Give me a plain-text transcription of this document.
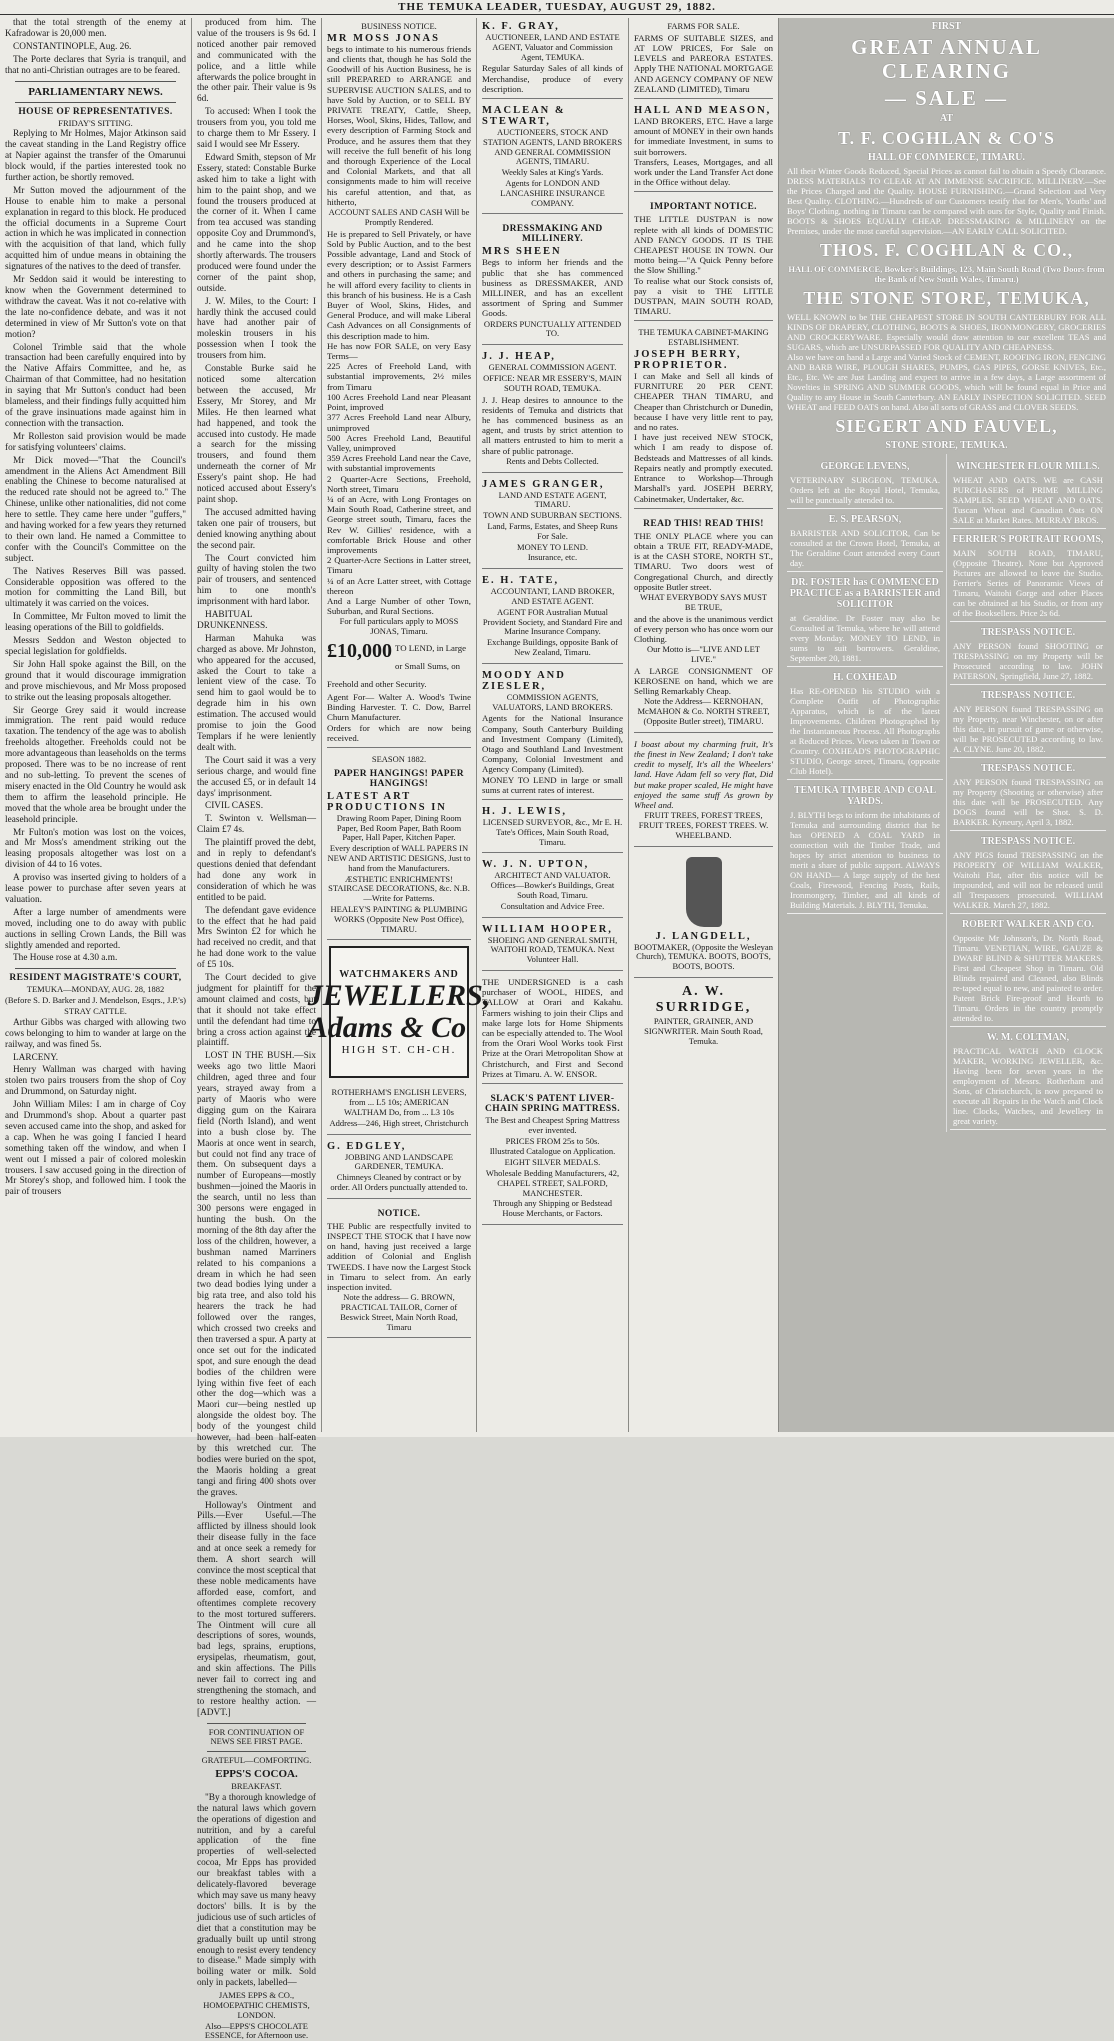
THE TEMUKA LEADER, TUESDAY, AUGUST 29, 1882.
that the total strength of the enemy at Kafradowar is 20,000 men.
CONSTANTINOPLE, Aug. 26.
The Porte declares that Syria is tranquil, and that no anti-Christian outrages are to be feared.
PARLIAMENTARY NEWS.
HOUSE OF REPRESENTATIVES.
FRIDAY'S SITTING.
Replying to Mr Holmes, Major Atkinson said the caveat standing in the Land Registry office at Napier against the transfer of the Omarunui block would, if the parties interested took no further action, be shortly removed.
Mr Sutton moved the adjournment of the House to enable him to make a personal explanation in regard to this block. He produced the official documents in a Supreme Court action in which he was implicated in connection with the acquisition of that land, which fully acquitted him of undue means in obtaining the signatures of the natives to the deed of transfer.
Mr Seddon said it would be interesting to know when the Government determined to withdraw the caveat. Was it not co-relative with the late no-confidence debate, and was it not determined in view of Mr Sutton's vote on that motion?
Colonel Trimble said that the whole transaction had been carefully enquired into by the Native Affairs Committee, and he, as Chairman of that Committee, had no hesitation in saying that Mr Sutton's conduct had been blameless, and their findings fully acquitted him of the grave insinuations made against him in connection with the transaction.
Mr Rolleston said provision would be made for satisfying volunteers' claims.
Mr Dick moved—"That the Council's amendment in the Aliens Act Amendment Bill enabling the Chinese to become naturalised at the reduced rate should not be agreed to." The Chinese, unlike other nationalities, did not come here to settle. They came here under "guffers," and having worked for a few years they returned to their own land. He named a Committee to confer with the Council's Committee on the subject.
The Natives Reserves Bill was passed. Considerable opposition was offered to the motion for committing the Land Bill, but ultimately it was carried on the voices.
In Committee, Mr Fulton moved to limit the leasing operations of the Bill to goldfields.
Messrs Seddon and Weston objected to special legislation for goldfields.
Sir John Hall spoke against the Bill, on the ground that it would discourage immigration and prove mischievous, and Mr Moss proposed to strike out the leasing proposals altogether.
Sir George Grey said it would increase immigration. The rent paid would reduce taxation. The tendency of the age was to abolish freeholds altogether. Freeholds could not be more advantageous than leaseholds on the terms proposed. There was to be no increase of rent and no sub-letting. To prevent the scenes of misery enacted in the Old Country he would ask them to affirm the leasehold principle. He moved that the whole area be brought under the leasehold principle.
Mr Fulton's motion was lost on the voices, and Mr Moss's amendment striking out the leasing proposals altogether was lost on a division of 44 to 16 votes.
A proviso was inserted giving to holders of a lease power to purchase after seven years at valuation.
After a large number of amendments were moved, including one to do away with public auctions in selling Crown Lands, the Bill was slightly amended and reported.
The House rose at 4.30 a.m.
RESIDENT MAGISTRATE'S COURT,
TEMUKA—MONDAY, AUG. 28, 1882
(Before S. D. Barker and J. Mendelson, Esqrs., J.P.'s)
STRAY CATTLE.
Arthur Gibbs was charged with allowing two cows belonging to him to wander at large on the railway, and was fined 5s.
LARCENY.
Henry Wallman was charged with having stolen two pairs trousers from the shop of Coy and Drummond, on Saturday night.
John William Miles: I am in charge of Coy and Drummond's shop. About a quarter past seven accused came into the shop, and asked for a cap. When he was going I fancied I heard something taken off the window, and when I went out I missed a pair of colored moleskin trousers. I saw accused going in the direction of Mr Storey's shop, and followed him. I took the pair of trousers
produced from him. The value of the trousers is 9s 6d. I noticed another pair removed and communicated with the police, and a little while afterwards the police brought in the other pair. Their value is 9s 6d.
To accused: When I took the trousers from you, you told me to charge them to Mr Essery. I said I would see Mr Essery.
Edward Smith, stepson of Mr Essery, stated: Constable Burke asked him to take a light with him to the paint shop, and we found the trousers produced at the corner of it. When I came from tea accused was standing opposite Coy and Drummond's, and he came into the shop shortly afterwards. The trousers produced were found under the corner of the paint shop, outside.
J. W. Miles, to the Court: I hardly think the accused could have had another pair of moleskin trousers in his possession when I took the trousers from him.
Constable Burke said he noticed some altercation between the accused, Mr Essery, Mr Storey, and Mr Miles. He then learned what had happened, and took the accused into custody. He made a search for the missing trousers, and found them underneath the corner of Mr Essery's paint shop. He had noticed accused about Essery's paint shop.
The accused admitted having taken one pair of trousers, but denied knowing anything about the second pair.
The Court convicted him guilty of having stolen the two pair of trousers, and sentenced him to one month's imprisonment with hard labor.
HABITUAL DRUNKENNESS.
Harman Mahuka was charged as above. Mr Johnston, who appeared for the accused, asked the Court to take a lenient view of the case. To send him to gaol would be to degrade him in his own estimation. The accused would promise to join the Good Templars if he were leniently dealt with.
The Court said it was a very serious charge, and would fine the accused £5, or in default 14 days' imprisonment.
CIVIL CASES.
T. Swinton v. Wellsman—Claim £7 4s.
The plaintiff proved the debt, and in reply to defendant's questions denied that defendant had done any work in consideration of which he was entitled to be paid.
The defendant gave evidence to the effect that he had paid Mrs Swinton £2 for which he had received no credit, and that he had done work to the value of £5 10s.
The Court decided to give judgment for plaintiff for the amount claimed and costs, but that it should not take effect until the defendant had time to bring a cross action against the plaintiff.
LOST IN THE BUSH.—Six weeks ago two little Maori children, aged three and four years, strayed away from a party of Maoris who were digging gum on the Kairara field (North Island), and went into a bush close by. The Maoris at once went in search, but could not find any trace of them. On subsequent days a number of Europeans—mostly bushmen—joined the Maoris in the search, until no less than 300 persons were engaged in hunting the bush. On the morning of the 8th day after the loss of the children, however, a bushman named Marriners related to his companions a dream in which he had seen two dead bodies lying under a big rata tree, and also told his hearers the track he had followed over the ranges, which crossed two creeks and then traversed a spur. A party at once set out for the indicated spot, and sure enough the dead bodies of the children were lying within five feet of each other the dog—which was a Maori cur—being nestled up alongside the oldest boy. The body of the youngest child however, had been half-eaten by this wretched cur. The bodies were buried on the spot, the Maoris holding a great tangi and firing 400 shots over the graves.
Holloway's Ointment and Pills.—Ever Useful.—The afflicted by illness should look their disease fully in the face and at once seek a remedy for them. A short search will convince the most sceptical that these noble medicaments have afforded ease, comfort, and oftentimes complete recovery to the most tortured sufferers. The Ointment will cure all descriptions of sores, wounds, bad legs, sprains, eruptions, erysipelas, rheumatism, gout, and skin affections. The Pills never fail to correct ing and strengthening the stomach, and to restore healthy action. —[ADVT.]
FOR CONTINUATION OF NEWS SEE FIRST PAGE.
GRATEFUL—COMFORTING.
EPPS'S COCOA.
BREAKFAST.
"By a thorough knowledge of the natural laws which govern the operations of digestion and nutrition, and by a careful application of the fine properties of well-selected cocoa, Mr Epps has provided our breakfast tables with a delicately-flavored beverage which may save us many heavy doctors' bills. It is by the judicious use of such articles of diet that a constitution may be gradually built up until strong enough to resist every tendency to disease." Made simply with boiling water or milk. Sold only in packets, labelled—
JAMES EPPS & CO., HOMOEPATHIC CHEMISTS, LONDON.
Also—EPPS'S CHOCOLATE ESSENCE, for Afternoon use.
BUSINESS NOTICE.
MR MOSS JONAS
begs to intimate to his numerous friends and clients that, though he has Sold the Goodwill of his Auction Business, he is still PREPARED to ARRANGE and SUPERVISE AUCTION SALES, and to have Sold by Auction, or to SELL BY PRIVATE TREATY, Cattle, Sheep, Horses, Wool, Skins, Hides, Tallow, and every description of Farming Stock and Produce, and he assures them that they will receive the full benefit of his long and thorough Experience of the Local and Colonial Markets, and that all consignments made to him will receive his careful attention, and that, as hitherto,
ACCOUNT SALES AND CASH Will be Promptly Rendered.
He is prepared to Sell Privately, or have Sold by Public Auction, and to the best Possible advantage, Land and Stock of every description; or to Assist Farmers and others in purchasing the same; and he will afford every facility to clients in this branch of his business. He is a Cash Buyer of Wool, Skins, Hides, and General Produce, and will make Liberal Cash Advances on all Consignments of this description made to him.
He has now FOR SALE, on very Easy Terms—
225 Acres of Freehold Land, with substantial improvements, 2½ miles from Timaru
100 Acres Freehold Land near Pleasant Point, improved
377 Acres Freehold Land near Albury, unimproved
500 Acres Freehold Land, Beautiful Valley, unimproved
359 Acres Freehold Land near the Cave, with substantial improvements
2 Quarter-Acre Sections, Freehold, North street, Timaru
¼ of an Acre, with Long Frontages on Main South Road, Catherine street, and George street south, Timaru, faces the Rev W. Gillies' residence, with a comfortable Brick House and other improvements
2 Quarter-Acre Sections in Latter street, Timaru
¼ of an Acre Latter street, with Cottage thereon
And a Large Number of other Town, Suburban, and Rural Sections.
For full particulars apply to MOSS JONAS, Timaru.
£10,000 TO LEND, in Large or Small Sums, on Freehold and other Security.
Agent For— Walter A. Wood's Twine Binding Harvester. T. C. Dow, Barrel Churn Manufacturer.
Orders for which are now being received.
SEASON 1882.
PAPER HANGINGS! PAPER HANGINGS!
LATEST ART PRODUCTIONS IN
Drawing Room Paper, Dining Room Paper, Bed Room Paper, Bath Room Paper, Hall Paper, Kitchen Paper.
Every description of WALL PAPERS IN NEW AND ARTISTIC DESIGNS, Just to hand from the Manufacturers.
ÆSTHETIC ENRICHMENTS! STAIRCASE DECORATIONS, &c. N.B.—Write for Patterns.
HEALEY'S PAINTING & PLUMBING WORKS (Opposite New Post Office), TIMARU.
WATCHMAKERS AND
JEWELLERS, Adams & Co
HIGH ST. CH-CH.
ROTHERHAM'S ENGLISH LEVERS, from ... L5 10s; AMERICAN WALTHAM Do, from ... L3 10s
Address—246, High street, Christchurch
G. EDGLEY,
JOBBING AND LANDSCAPE GARDENER, TEMUKA.
Chimneys Cleaned by contract or by order. All Orders punctually attended to.
NOTICE.
THE Public are respectfully invited to INSPECT THE STOCK that I have now on hand, having just received a large addition of Colonial and English TWEEDS. I have now the Largest Stock in Timaru to select from. An early inspection invited.
Note the address— G. BROWN, PRACTICAL TAILOR, Corner of Beswick Street, Main North Road, Timaru
K. F. GRAY,
AUCTIONEER, LAND AND ESTATE AGENT, Valuator and Commission Agent, TEMUKA.
Regular Saturday Sales of all kinds of Merchandise, produce of every description.
MACLEAN & STEWART,
AUCTIONEERS, STOCK AND STATION AGENTS, LAND BROKERS AND GENERAL COMMISSION AGENTS, TIMARU.
Weekly Sales at King's Yards.
Agents for LONDON AND LANCASHIRE INSURANCE COMPANY.
DRESSMAKING AND MILLINERY.
MRS SHEEN
Begs to inform her friends and the public that she has commenced business as DRESSMAKER, AND MILLINER, and has an excellent assortment of Spring and Summer Goods.
ORDERS PUNCTUALLY ATTENDED TO.
J. J. HEAP,
GENERAL COMMISSION AGENT.
OFFICE: NEAR MR ESSERY'S, MAIN SOUTH ROAD, TEMUKA.
J. J. Heap desires to announce to the residents of Temuka and districts that he has commenced business as an agent, and trusts by strict attention to all matters entrusted to him to merit a share of public patronage.
Rents and Debts Collected.
JAMES GRANGER,
LAND AND ESTATE AGENT, TIMARU.
TOWN AND SUBURBAN SECTIONS.
Land, Farms, Estates, and Sheep Runs For Sale.
MONEY TO LEND.
Insurance, etc.
E. H. TATE,
ACCOUNTANT, LAND BROKER, AND ESTATE AGENT.
AGENT FOR Australian Mutual Provident Society, and Standard Fire and Marine Insurance Company.
Exchange Buildings, opposite Bank of New Zealand, Timaru.
MOODY AND ZIESLER,
COMMISSION AGENTS, VALUATORS, LAND BROKERS.
Agents for the National Insurance Company, South Canterbury Building and Investment Company (Limited), Otago and Southland Land Investment Company, Colonial Investment and Agency Company (Limited).
MONEY TO LEND in large or small sums at current rates of interest.
H. J. LEWIS,
LICENSED SURVEYOR, &c., Mr E. H. Tate's Offices, Main South Road, Timaru.
W. J. N. UPTON,
ARCHITECT AND VALUATOR. Offices—Bowker's Buildings, Great South Road, Timaru.
Consultation and Advice Free.
WILLIAM HOOPER,
SHOEING AND GENERAL SMITH, WAITOHI ROAD, TEMUKA. Next Volunteer Hall.
THE UNDERSIGNED is a cash purchaser of WOOL, HIDES, and TALLOW at Orari and Kakahu. Farmers wishing to join their Clips and make large lots for Home Shipments can be especially attended to. The Wool from the Orari Wool Works took First Prize at the Orari Metropolitan Show at Christchurch, and First and Second Prizes at Timaru. A. W. ENSOR.
SLACK'S PATENT LIVER-CHAIN SPRING MATTRESS.
The Best and Cheapest Spring Mattress ever invented.
PRICES FROM 25s to 50s.
Illustrated Catalogue on Application.
EIGHT SILVER MEDALS.
Wholesale Bedding Manufacturers, 42, CHAPEL STREET, SALFORD, MANCHESTER.
Through any Shipping or Bedstead House Merchants, or Factors.
FARMS FOR SALE.
FARMS OF SUITABLE SIZES, and AT LOW PRICES, For Sale on LEVELS and PAREORA ESTATES. Apply THE NATIONAL MORTGAGE AND AGENCY COMPANY OF NEW ZEALAND (LIMITED), Timaru
HALL AND MEASON,
LAND BROKERS, ETC. Have a large amount of MONEY in their own hands for immediate Investment, in sums to suit borrowers.
Transfers, Leases, Mortgages, and all work under the Land Transfer Act done in the Office without delay.
IMPORTANT NOTICE.
THE LITTLE DUSTPAN is now replete with all kinds of DOMESTIC AND FANCY GOODS. IT IS THE CHEAPEST HOUSE IN TOWN. Our motto being—"A Quick Penny before the Slow Shilling."
To realise what our Stock consists of, pay a visit to THE LITTLE DUSTPAN, MAIN SOUTH ROAD, TIMARU.
THE TEMUKA CABINET-MAKING ESTABLISHMENT.
JOSEPH BERRY, PROPRIETOR.
I can Make and Sell all kinds of FURNITURE 20 PER CENT. CHEAPER THAN TIMARU, and Cheaper than Christchurch or Dunedin, because I have very little rent to pay, and no rates.
I have just received NEW STOCK, which I am ready to dispose of. Bedsteads and Mattresses of all kinds. Repairs neatly and promptly executed. Entrance to Workshop—Through Marshall's yard. JOSEPH BERRY, Cabinetmaker, Undertaker, &c.
READ THIS! READ THIS!
THE ONLY PLACE where you can obtain a TRUE FIT, READY-MADE, is at the CASH STORE, NORTH ST., TIMARU. Two doors west of Congregational Church, and directly opposite Butler street.
WHAT EVERYBODY SAYS MUST BE TRUE,
and the above is the unanimous verdict of every person who has once worn our Clothing.
Our Motto is—"LIVE AND LET LIVE."
A LARGE CONSIGNMENT OF KEROSENE on hand, which we are Selling Remarkably Cheap.
Note the Address— KERNOHAN, McMAHON & Co. NORTH STREET, (Opposite Butler street), TIMARU.
I boast about my charming fruit, It's the finest in New Zealand; I don't take credit to myself, It's all the Wheelers' land. Have Adam fell so very flat, Did but make proper scaled, He might have enjoyed the same stuff As grown by Wheel and.
FRUIT TREES, FOREST TREES, FRUIT TREES, FOREST TREES. W. WHEELBAND.
J. LANGDELL,
BOOTMAKER, (Opposite the Wesleyan Church), TEMUKA. BOOTS, BOOTS, BOOTS, BOOTS.
A. W. SURRIDGE,
PAINTER, GRAINER, AND SIGNWRITER. Main South Road, Temuka.
FIRST
GREAT ANNUAL CLEARING
— SALE —
AT
T. F. COGHLAN & CO'S
HALL OF COMMERCE, TIMARU.
All their Winter Goods Reduced, Special Prices as cannot fail to obtain a Speedy Clearance. DRESS MATERIALS TO CLEAR AT AN IMMENSE SACRIFICE. MILLINERY.—See the Prices Charged and the Quality. HOUSE FURNISHING.—Grand Selection and Very Best Quality. CLOTHING.—Hundreds of our Customers testify that for Men's, Youths' and Boys' Clothing, nothing in Timaru can be compared with ours for Style, Quality and Finish. BOOTS & SHOES EQUALLY CHEAP. DRESSMAKING & MILLINERY on the Premises, under the most careful supervision.—AN EARLY CALL SOLICITED.
THOS. F. COGHLAN & CO.,
HALL OF COMMERCE, Bowker's Buildings, 123, Main South Road (Two Doors from the Bank of New South Wales, Timaru.)
THE STONE STORE, TEMUKA,
WELL KNOWN to be THE CHEAPEST STORE IN SOUTH CANTERBURY FOR ALL KINDS OF DRAPERY, CLOTHING, BOOTS & SHOES, IRONMONGERY, GROCERIES AND CROCKERYWARE. Especially would draw attention to our excellent TEAS and SUGARS, which are UNSURPASSED FOR QUALITY AND CHEAPNESS.
Also we have on hand a Large and Varied Stock of CEMENT, ROOFING IRON, FENCING AND BARB WIRE, PLOUGH SHARES, PUMPS, GAS PIPES, GORSE KNIVES, Etc., Etc., Etc. We are Just Landing and expect to arrive in a few days, a Large assortment of Novelties in SPRING AND SUMMER GOODS, which will be found equal in Price and Quality to any House in South Canterbury. AN EARLY INSPECTION SOLICITED. SEED WHEAT and FEED OATS on hand. Also all sorts of GRASS and CLOVER SEEDS.
SIEGERT AND FAUVEL,
STONE STORE, TEMUKA.
GEORGE LEVENS,
VETERINARY SURGEON, TEMUKA. Orders left at the Royal Hotel, Temuka, will be punctually attended to.
E. S. PEARSON,
BARRISTER AND SOLICITOR, Can be consulted at the Crown Hotel, Temuka, at The Geraldine Court attended every Court day.
DR. FOSTER has COMMENCED PRACTICE as a BARRISTER and SOLICITOR
at Geraldine. Dr Foster may also be Consulted at Temuka, where he will attend every Monday. MONEY TO LEND, in sums to suit borrowers. Geraldine, September 20, 1881.
H. COXHEAD
Has RE-OPENED his STUDIO with a Complete Outfit of Photographic Apparatus, which is of the latest Improvements. Children Photographed by the Instantaneous Process. All Photographs at Reduced Prices. Views taken in Town or Country. COXHEAD'S PHOTOGRAPHIC STUDIO, George street, Timaru, (opposite Club Hotel).
TEMUKA TIMBER AND COAL YARDS.
J. BLYTH begs to inform the inhabitants of Temuka and surrounding district that he has OPENED A COAL YARD in connection with the Timber Trade, and hopes by strict attention to business to merit a share of public support. ALWAYS ON HAND— A large supply of the best Coals, Firewood, Fencing Posts, Rails, Ironmongery, Timber, and all kinds of Building Materials. J. BLYTH, Temuka.
WINCHESTER FLOUR MILLS.
WHEAT AND OATS. WE are CASH PURCHASERS of PRIME MILLING SAMPLES. SEED WHEAT AND OATS. Tuscan Wheat and Canadian Oats ON SALE at Market Rates. MURRAY BROS.
FERRIER'S PORTRAIT ROOMS,
MAIN SOUTH ROAD, TIMARU, (Opposite Theatre). None but Approved Pictures are allowed to leave the Studio. Ferrier's Series of Panoramic Views of Timaru, Waitohi Gorge and other Places can be obtained at his Studio, or from any of the Booksellers. Price 2s 6d.
TRESPASS NOTICE.
ANY PERSON found SHOOTING or TRESPASSING on my Property will be Prosecuted according to law. JOHN PATERSON, Springfield, June 27, 1882.
TRESPASS NOTICE.
ANY PERSON found TRESPASSING on my Property, near Winchester, on or after this date, in pursuit of game or otherwise, will be PROSECUTED according to law. A. CLYNE. June 20, 1882.
TRESPASS NOTICE.
ANY PERSON found TRESPASSING on my Property (Shooting or otherwise) after this date will be PROSECUTED. Any DOGS found will be Shot. S. D. BARKER. Kyneury, April 3, 1882.
TRESPASS NOTICE.
ANY PIGS found TRESPASSING on the PROPERTY OF WILLIAM WALKER, Waitohi Flat, after this notice will be impounded, and will not be released until all Trespassers prosecuted. WILLIAM WALKER. March 27, 1882.
ROBERT WALKER AND CO.
Opposite Mr Johnson's, Dr. North Road, Timaru. VENETIAN, WIRE, GAUZE & DWARF BLIND & SHUTTER MAKERS. First and Cheapest Shop in Timaru. Old Blinds repaired and Cleaned, also Blinds re-taped equal to new, and painted to order. Patent Brick Fire-proof and Hearth to Timaru. Orders in the country promptly attended to.
W. M. COLTMAN,
PRACTICAL WATCH AND CLOCK MAKER, WORKING JEWELLER, &c. Having been for seven years in the employment of Messrs. Rotherham and Sons, of Christchurch, is now prepared to execute all Repairs in the Watch and Clock line. Clocks, Watches, and Jewellery in great variety.
